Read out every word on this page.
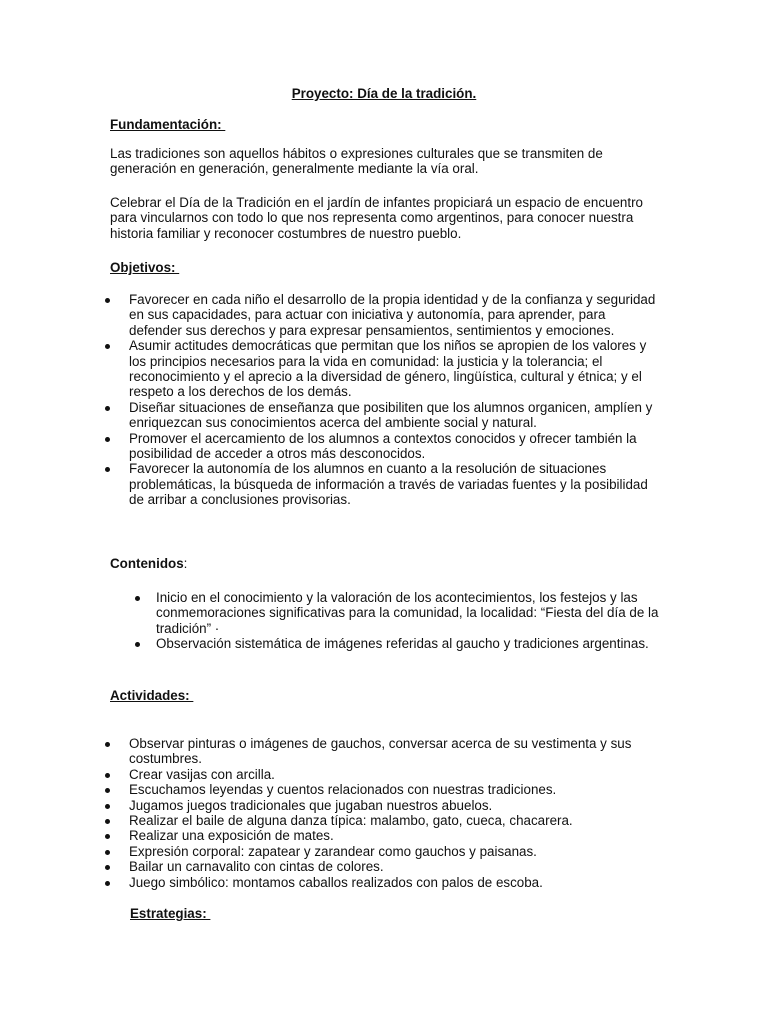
Proyecto: Día de la tradición.
Fundamentación:

Las tradiciones son aquellos hábitos o expresiones culturales que se transmiten de generación en generación, generalmente mediante la vía oral.

Celebrar el Día de la Tradición en el jardín de infantes propiciará un espacio de encuentro para vincularnos con todo lo que nos representa como argentinos, para conocer nuestra historia familiar y reconocer costumbres de nuestro pueblo.

Objetivos:
Favorecer en cada niño el desarrollo de la propia identidad y de la confianza y seguridad en sus capacidades, para actuar con iniciativa y autonomía, para aprender, para defender sus derechos y para expresar pensamientos, sentimientos y emociones.
Asumir actitudes democráticas que permitan que los niños se apropien de los valores y los principios necesarios para la vida en comunidad: la justicia y la tolerancia; el reconocimiento y el aprecio a la diversidad de género, lingüística, cultural y étnica; y el respeto a los derechos de los demás.
Diseñar situaciones de enseñanza que posibiliten que los alumnos organicen, amplíen y enriquezcan sus conocimientos acerca del ambiente social y natural.
Promover el acercamiento de los alumnos a contextos conocidos y ofrecer también la posibilidad de acceder a otros más desconocidos.
Favorecer la autonomía de los alumnos en cuanto a la resolución de situaciones problemáticas, la búsqueda de información a través de variadas fuentes y la posibilidad de arribar a conclusiones provisorias.
Contenidos:
Inicio en el conocimiento y la valoración de los acontecimientos, los festejos y las conmemoraciones significativas para la comunidad, la localidad: “Fiesta del día de la tradición” ·
Observación sistemática de imágenes referidas al gaucho y tradiciones argentinas.
Actividades:
Observar pinturas o imágenes de gauchos, conversar acerca de su vestimenta y sus costumbres.
Crear vasijas con arcilla.
Escuchamos leyendas y cuentos relacionados con nuestras tradiciones.
Jugamos juegos tradicionales que jugaban nuestros abuelos.
Realizar el baile de alguna danza típica: malambo, gato, cueca, chacarera.
Realizar una exposición de mates.
Expresión corporal: zapatear y zarandear como gauchos y paisanas.
Bailar un carnavalito con cintas de colores.
Juego simbólico: montamos caballos realizados con palos de escoba.
Estrategias:
